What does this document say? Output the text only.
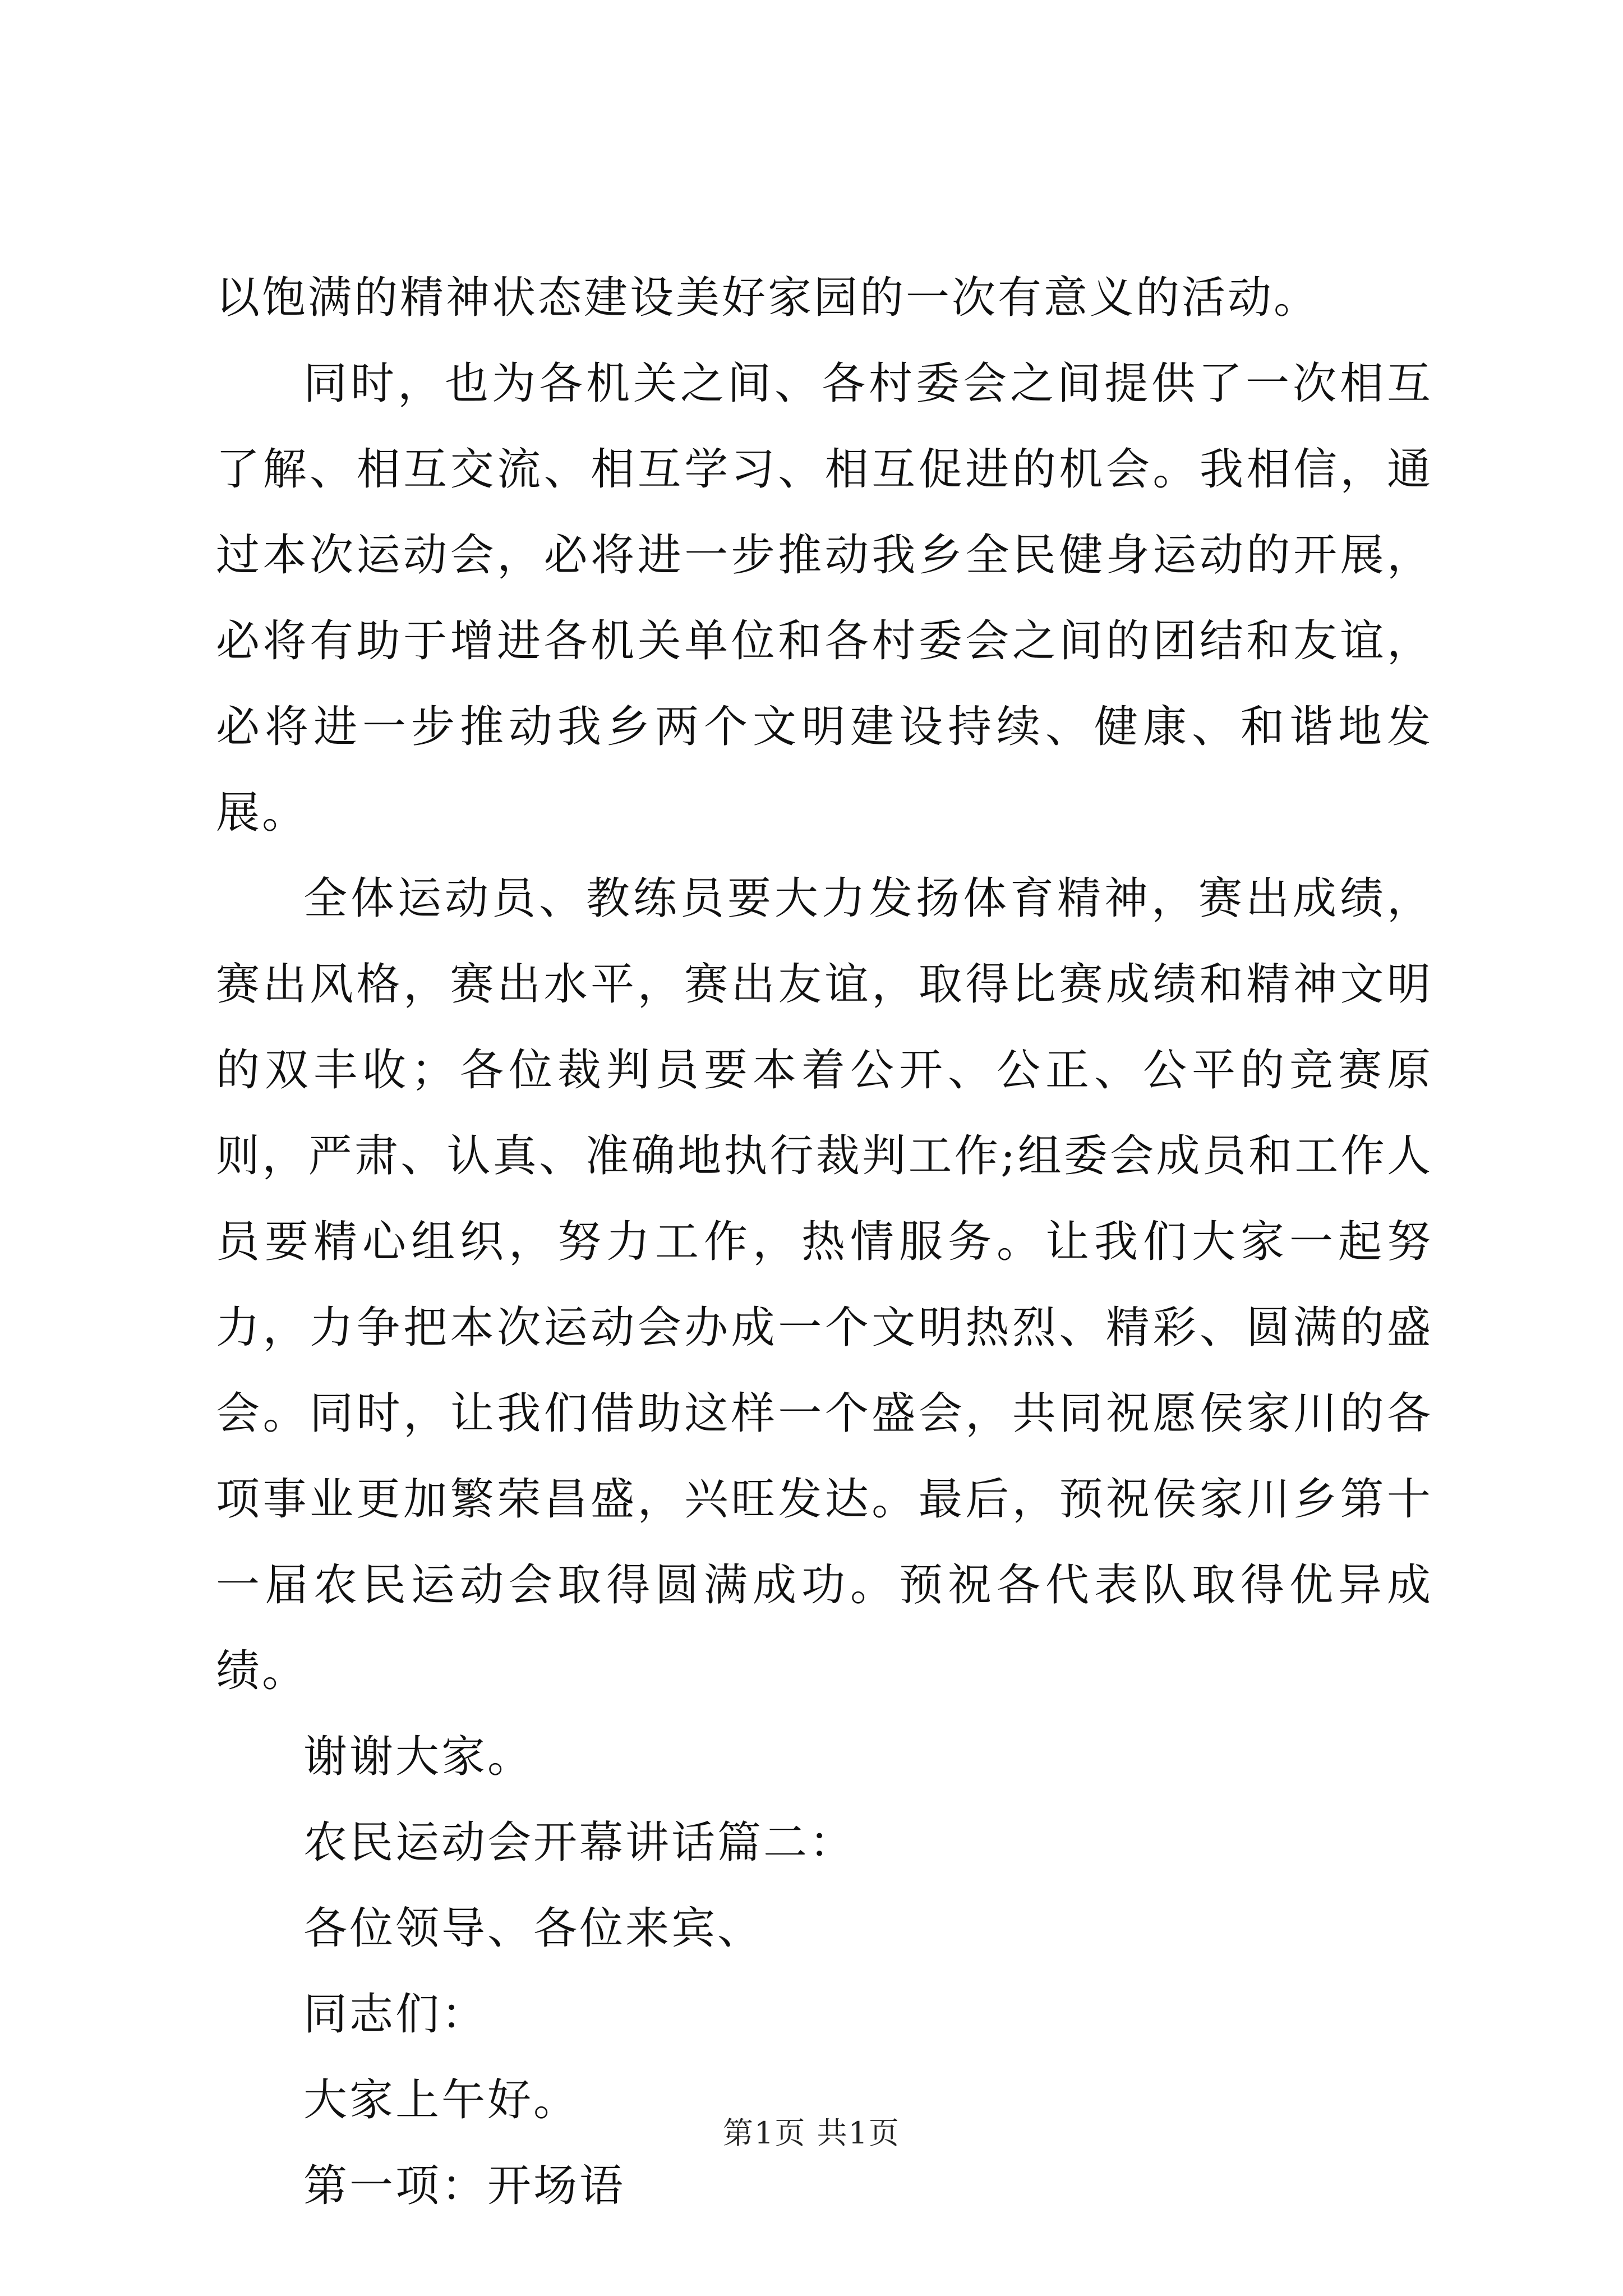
以饱满的精神状态建设美好家园的一次有意义的活动。

同时，也为各机关之间、各村委会之间提供了一次相互了解、相互交流、相互学习、相互促进的机会。我相信，通过本次运动会，必将进一步推动我乡全民健身运动的开展，必将有助于增进各机关单位和各村委会之间的团结和友谊，必将进一步推动我乡两个文明建设持续、健康、和谐地发展。

全体运动员、教练员要大力发扬体育精神，赛出成绩，赛出风格，赛出水平，赛出友谊，取得比赛成绩和精神文明的双丰收；各位裁判员要本着公开、公正、公平的竞赛原则，严肃、认真、准确地执行裁判工作;组委会成员和工作人员要精心组织，努力工作，热情服务。让我们大家一起努力，力争把本次运动会办成一个文明热烈、精彩、圆满的盛会。同时，让我们借助这样一个盛会，共同祝愿侯家川的各项事业更加繁荣昌盛，兴旺发达。最后，预祝侯家川乡第十一届农民运动会取得圆满成功。预祝各代表队取得优异成绩。

谢谢大家。

农民运动会开幕讲话篇二：

各位领导、各位来宾、

同志们：

大家上午好。

第一项：开场语

第1页 共1页
